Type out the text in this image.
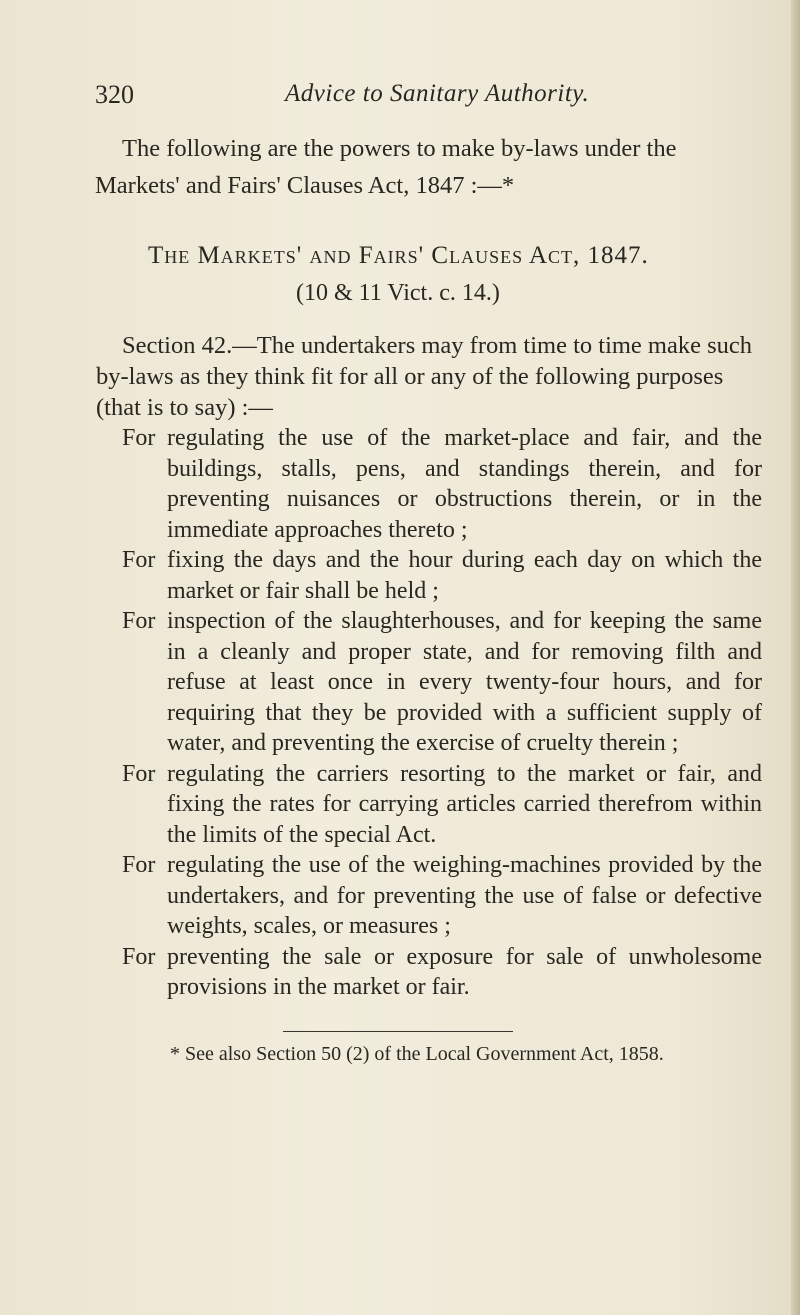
320	Advice to Sanitary Authority.
The following are the powers to make by-laws under the
Markets' and Fairs' Clauses Act, 1847 :—*
The Markets' and Fairs' Clauses Act, 1847.
(10 & 11 Vict. c. 14.)

Section 42.—The undertakers may from time to time make such by-laws as they think fit for all or any of the following purposes (that is to say) :—

For regulating the use of the market-place and fair, and the buildings, stalls, pens, and standings therein, and for preventing nuisances or obstructions therein, or in the immediate approaches thereto ;
For fixing the days and the hour during each day on which the market or fair shall be held ;
For inspection of the slaughterhouses, and for keeping the same in a cleanly and proper state, and for removing filth and refuse at least once in every twenty-four hours, and for requiring that they be provided with a sufficient supply of water, and preventing the exercise of cruelty therein ;
For regulating the carriers resorting to the market or fair, and fixing the rates for carrying articles carried therefrom within the limits of the special Act.
For regulating the use of the weighing-machines provided by the undertakers, and for preventing the use of false or defective weights, scales, or measures ;
For preventing the sale or exposure for sale of unwholesome provisions in the market or fair.
* See also Section 50 (2) of the Local Government Act, 1858.
